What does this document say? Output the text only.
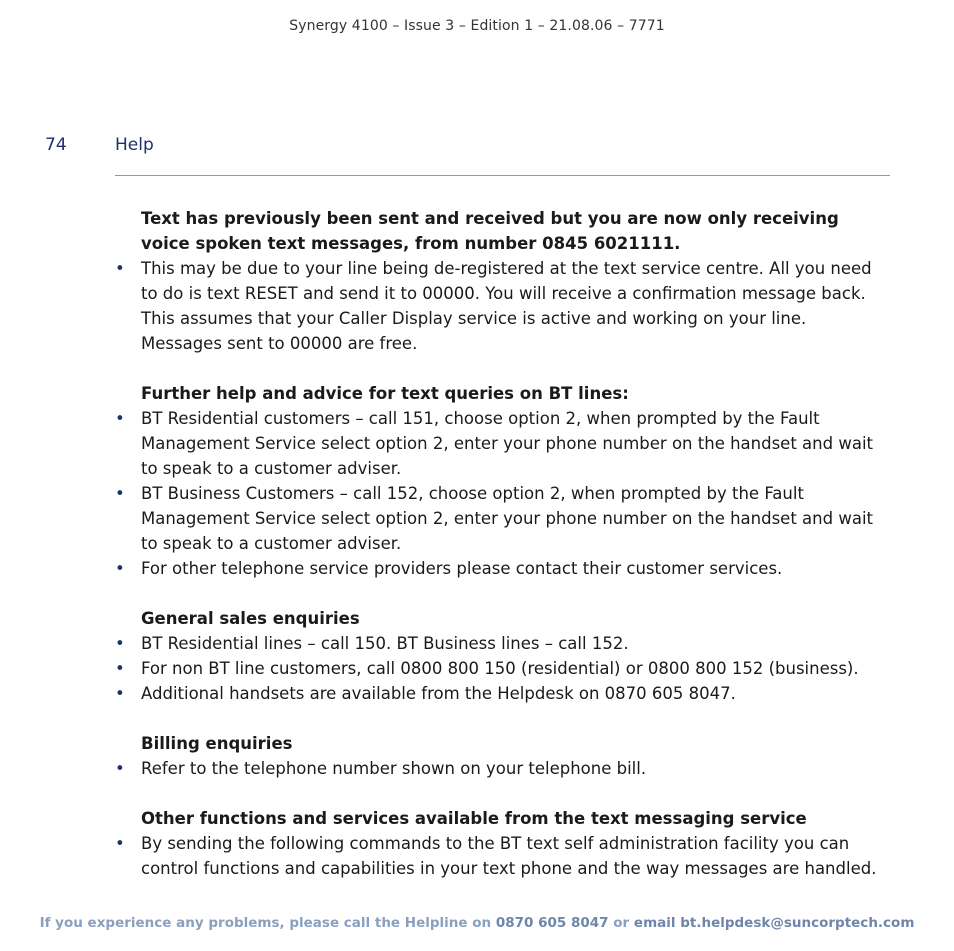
Synergy 4100 – Issue 3 – Edition 1 – 21.08.06 – 7771
74	Help
Text has previously been sent and received but you are now only receiving voice spoken text messages, from number 0845 6021111.
• This may be due to your line being de-registered at the text service centre. All you need to do is text RESET and send it to 00000. You will receive a confirmation message back. This assumes that your Caller Display service is active and working on your line. Messages sent to 00000 are free.
Further help and advice for text queries on BT lines:
• BT Residential customers – call 151, choose option 2, when prompted by the Fault Management Service select option 2, enter your phone number on the handset and wait to speak to a customer adviser.
• BT Business Customers – call 152, choose option 2, when prompted by the Fault Management Service select option 2, enter your phone number on the handset and wait to speak to a customer adviser.
• For other telephone service providers please contact their customer services.
General sales enquiries
• BT Residential lines – call 150. BT Business lines – call 152.
• For non BT line customers, call 0800 800 150 (residential) or 0800 800 152 (business).
• Additional handsets are available from the Helpdesk on 0870 605 8047.
Billing enquiries
• Refer to the telephone number shown on your telephone bill.
Other functions and services available from the text messaging service
• By sending the following commands to the BT text self administration facility you can control functions and capabilities in your text phone and the way messages are handled.
If you experience any problems, please call the Helpline on 0870 605 8047 or email bt.helpdesk@suncorptech.com
